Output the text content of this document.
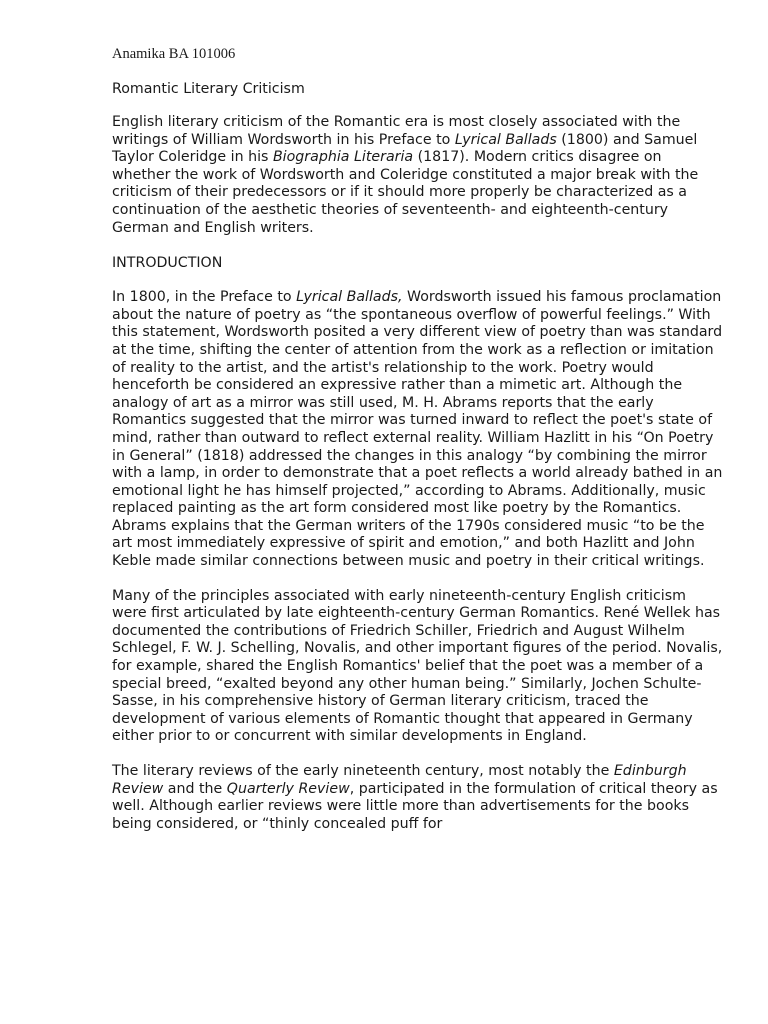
Anamika BA 101006
Romantic Literary Criticism

English literary criticism of the Romantic era is most closely associated with the writings of William Wordsworth in his Preface to Lyrical Ballads (1800) and Samuel Taylor Coleridge in his Biographia Literaria (1817). Modern critics disagree on whether the work of Wordsworth and Coleridge constituted a major break with the criticism of their predecessors or if it should more properly be characterized as a continuation of the aesthetic theories of seventeenth- and eighteenth-century German and English writers.

INTRODUCTION

In 1800, in the Preface to Lyrical Ballads, Wordsworth issued his famous proclamation about the nature of poetry as “the spontaneous overflow of powerful feelings.” With this statement, Wordsworth posited a very different view of poetry than was standard at the time, shifting the center of attention from the work as a reflection or imitation of reality to the artist, and the artist's relationship to the work. Poetry would henceforth be considered an expressive rather than a mimetic art. Although the analogy of art as a mirror was still used, M. H. Abrams reports that the early Romantics suggested that the mirror was turned inward to reflect the poet's state of mind, rather than outward to reflect external reality. William Hazlitt in his “On Poetry in General” (1818) addressed the changes in this analogy “by combining the mirror with a lamp, in order to demonstrate that a poet reflects a world already bathed in an emotional light he has himself projected,” according to Abrams. Additionally, music replaced painting as the art form considered most like poetry by the Romantics. Abrams explains that the German writers of the 1790s considered music “to be the art most immediately expressive of spirit and emotion,” and both Hazlitt and John Keble made similar connections between music and poetry in their critical writings.

Many of the principles associated with early nineteenth-century English criticism were first articulated by late eighteenth-century German Romantics. René Wellek has documented the contributions of Friedrich Schiller, Friedrich and August Wilhelm Schlegel, F. W. J. Schelling, Novalis, and other important figures of the period. Novalis, for example, shared the English Romantics' belief that the poet was a member of a special breed, “exalted beyond any other human being.” Similarly, Jochen Schulte-Sasse, in his comprehensive history of German literary criticism, traced the development of various elements of Romantic thought that appeared in Germany either prior to or concurrent with similar developments in England.

The literary reviews of the early nineteenth century, most notably the Edinburgh Review and the Quarterly Review, participated in the formulation of critical theory as well. Although earlier reviews were little more than advertisements for the books being considered, or “thinly concealed puff for
